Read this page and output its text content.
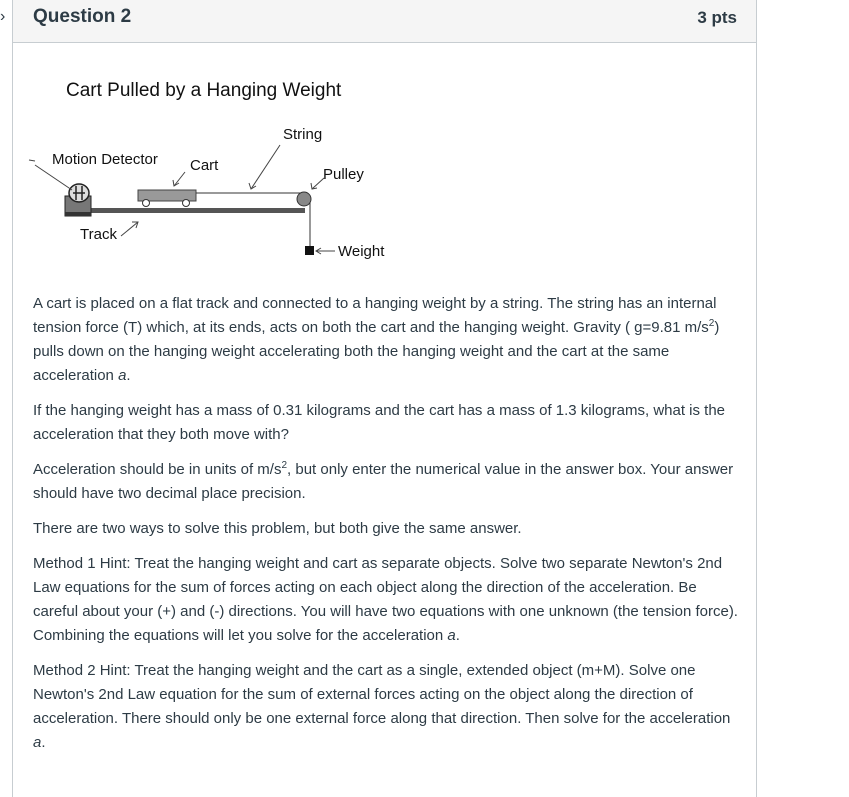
› Question 2	3 pts
Cart Pulled by a Hanging Weight
String
Motion Detector Cart
Pulley
Track
Weight

A cart is placed on a flat track and connected to a hanging weight by a string. The string has an internal tension force (T) which, at its ends, acts on both the cart and the hanging weight. Gravity ( g=9.81 $m/s^2$) pulls down on the hanging weight accelerating both the hanging weight and the cart at the same acceleration a.

If the hanging weight has a mass of 0.31 kilograms and the cart has a mass of 1.3 kilograms, what is the acceleration that they both move with?

Acceleration should be in units of $m/s^2$, but only enter the numerical value in the answer box. Your answer should have two decimal place precision.

There are two ways to solve this problem, but both give the same answer.

Method 1 Hint: Treat the hanging weight and cart as separate objects. Solve two separate Newton's 2nd Law equations for the sum of forces acting on each object along the direction of the acceleration. Be careful about your (+) and (-) directions. You will have two equations with one unknown (the tension force). Combining the equations will let you solve for the acceleration a.

Method 2 Hint: Treat the hanging weight and the cart as a single, extended object (m+M). Solve one Newton's 2nd Law equation for the sum of external forces acting on the object along the direction of acceleration. There should only be one external force along that direction. Then solve for the acceleration a.
